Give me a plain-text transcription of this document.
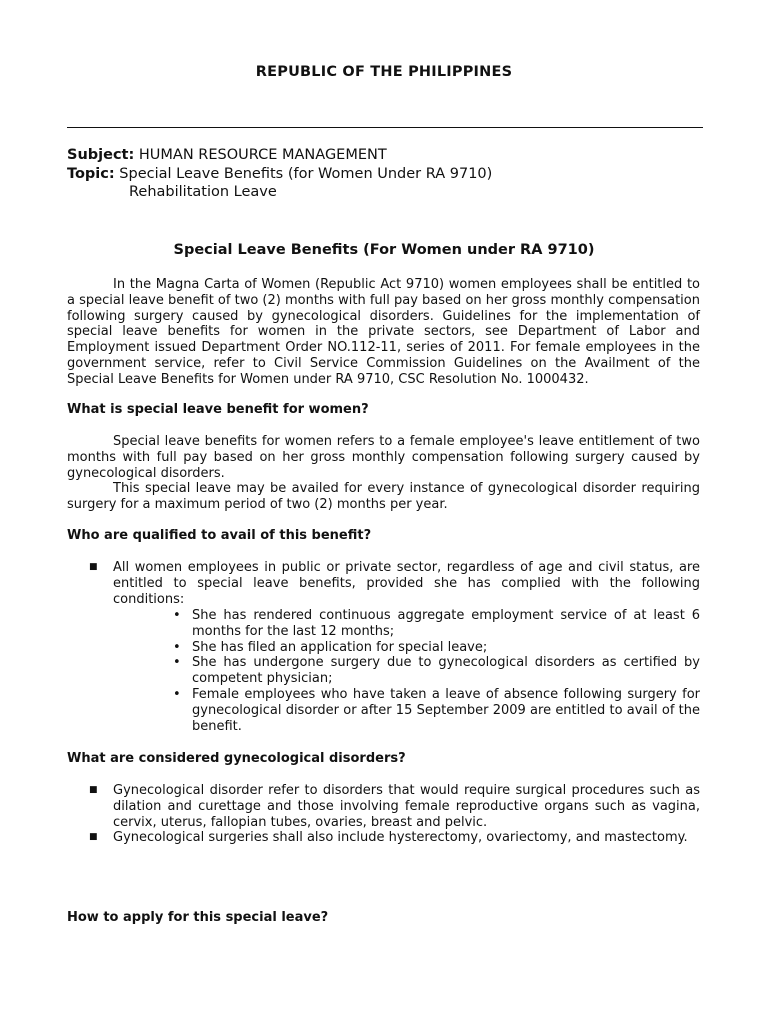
REPUBLIC OF THE PHILIPPINES
Subject: HUMAN RESOURCE MANAGEMENT
Topic: Special Leave Benefits (for Women Under RA 9710)
Rehabilitation Leave
Special Leave Benefits (For Women under RA 9710)

In the Magna Carta of Women (Republic Act 9710) women employees shall be entitled to a special leave benefit of two (2) months with full pay based on her gross monthly compensation following surgery caused by gynecological disorders. Guidelines for the implementation of special leave benefits for women in the private sectors, see Department of Labor and Employment issued Department Order NO.112-11, series of 2011. For female employees in the government service, refer to Civil Service Commission Guidelines on the Availment of the Special Leave Benefits for Women under RA 9710, CSC Resolution No. 1000432.

What is special leave benefit for women?

Special leave benefits for women refers to a female employee's leave entitlement of two months with full pay based on her gross monthly compensation following surgery caused by gynecological disorders.

This special leave may be availed for every instance of gynecological disorder requiring surgery for a maximum period of two (2) months per year.

Who are qualified to avail of this benefit?
■ All women employees in public or private sector, regardless of age and civil status, are entitled to special leave benefits, provided she has complied with the following conditions:
• She has rendered continuous aggregate employment service of at least 6 months for the last 12 months;
• She has filed an application for special leave;
• She has undergone surgery due to gynecological disorders as certified by competent physician;
• Female employees who have taken a leave of absence following surgery for gynecological disorder or after 15 September 2009 are entitled to avail of the benefit.
What are considered gynecological disorders?
■ Gynecological disorder refer to disorders that would require surgical procedures such as dilation and curettage and those involving female reproductive organs such as vagina, cervix, uterus, fallopian tubes, ovaries, breast and pelvic.
■ Gynecological surgeries shall also include hysterectomy, ovariectomy, and mastectomy.
How to apply for this special leave?
